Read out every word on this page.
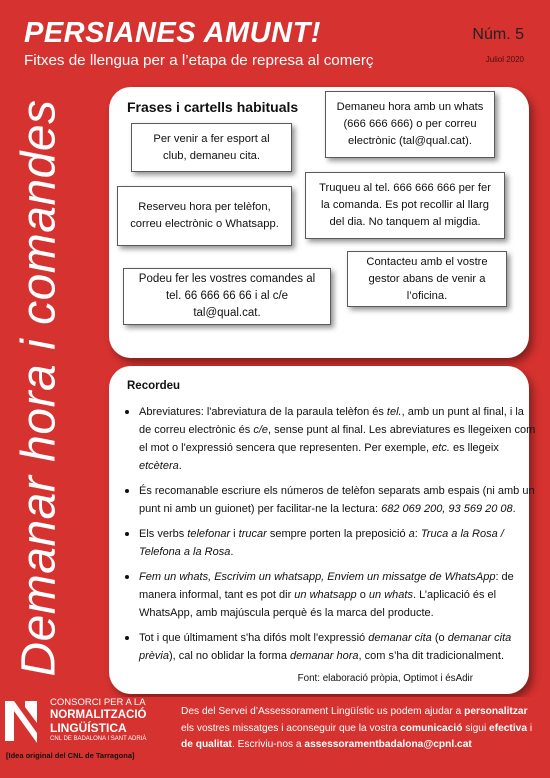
PERSIANES AMUNT!
Fitxes de llengua per a l’etapa de represa al comerç
Núm. 5
Juliol 2020
Demanar hora i comandes	Frases i cartells habituals
Per venir a fer esport al club, demaneu cita.
Demaneu hora amb un whats (666 666 666) o per correu electrònic (tal@qual.cat).
Reserveu hora per telèfon, correu electrònic o Whatsapp.
Truqueu al tel. 666 666 666 per fer la comanda. Es pot recollir al llarg del dia. No tanquem al migdia.
Podeu fer les vostres comandes al tel. 66 666 66 66 i al c/e tal@qual.cat.
Contacteu amb el vostre gestor abans de venir a l’oficina.
Recordeu
• Abreviatures: l'abreviatura de la paraula telèfon és tel., amb un punt al final, i la de correu electrònic és c/e, sense punt al final. Les abreviatures es llegeixen com el mot o l'expressió sencera que representen. Per exemple, etc. es llegeix etcètera.
• És recomanable escriure els números de telèfon separats amb espais (ni amb un punt ni amb un guionet) per facilitar-ne la lectura: 682 069 200, 93 569 20 08.
• Els verbs telefonar i trucar sempre porten la preposició a: Truca a la Rosa / Telefona a la Rosa.
• Fem un whats, Escrivim un whatsapp, Enviem un missatge de WhatsApp: de manera informal, tant es pot dir un whatsapp o un whats. L’aplicació és el WhatsApp, amb majúscula perquè és la marca del producte.
• Tot i que últimament s'ha difós molt l'expressió demanar cita (o demanar cita prèvia), cal no oblidar la forma demanar hora, com s’ha dit tradicionalment.
Font: elaboració pròpia, Optimot i ésAdir
CONSORCI PER A LA
NORMALITZACIÓ
LINGÜÍSTICA
CNL DE BADALONA I SANT ADRIÀ
[Idea original del CNL de Tarragona]
Des del Servei d’Assessorament Lingüístic us podem ajudar a personalitzar els vostres missatges i aconseguir que la vostra comunicació sigui efectiva i de qualitat. Escriviu-nos a assessoramentbadalona@cpnl.cat
